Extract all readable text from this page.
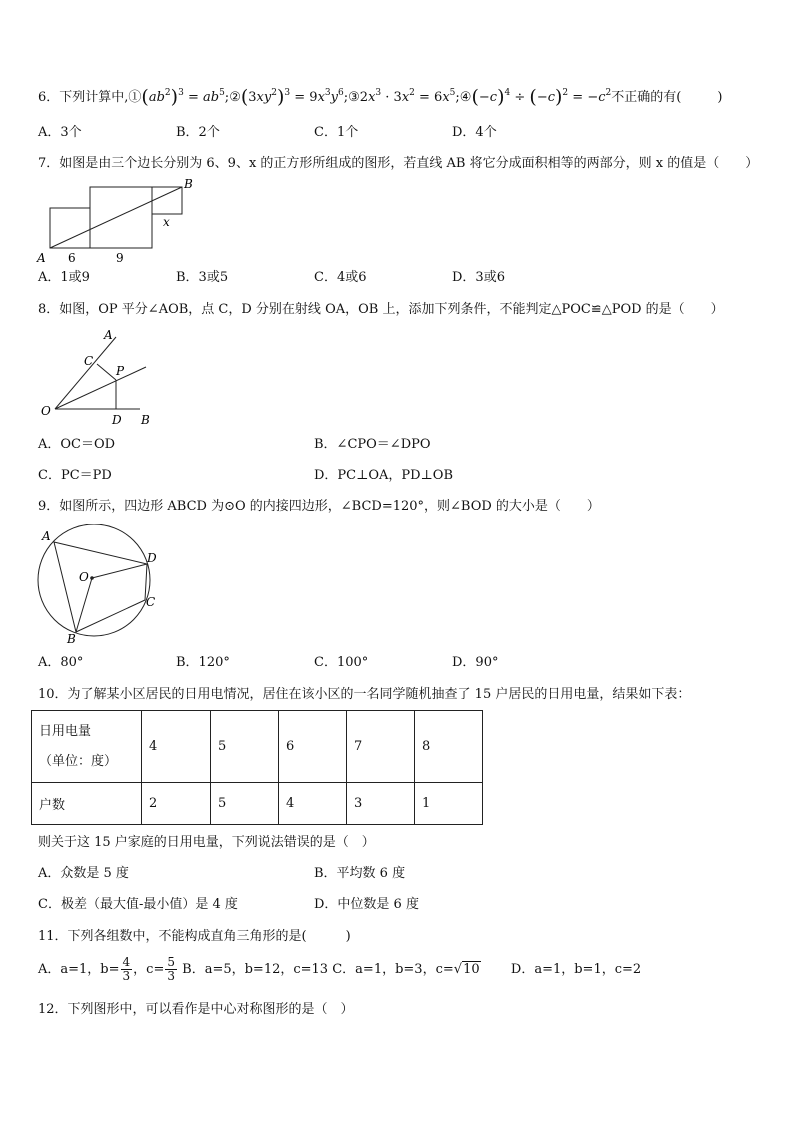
6．下列计算中$,①(ab^2)^3$ = $ab^5;②(3xy^2)^3$ = $9x^3y^6;③2x^3 \cdot 3x^2$ = $6x^5;④(-c)^4 \div (-c)^2 = -c^2$不正确的有(	)
A．3个	B．2个	C．1个	D．4个
7．如图是由三个边长分别为 6、9、x 的正方形所组成的图形，若直线 AB 将它分成面积相等的两部分，则 x 的值是（　　）
A
B
x
6	9
A．1或9	B．3或5	C．4或6	D．3或6
8．如图，OP 平分∠AOB，点 C，D 分别在射线 OA，OB 上，添加下列条件，不能判定△POC≌△POD 的是（　　）
A
C
P
O
D B
A．OC＝OD	B．∠CPO＝∠DPO
C．PC＝PD	D．PC⊥OA，PD⊥OB
9．如图所示，四边形 ABCD 为⊙O 的内接四边形，∠BCD=120°，则∠BOD 的大小是（　　）
A
O
D
C
B
A．80°	B．120°	C．100°	D．90°
10．为了解某小区居民的日用电情况，居住在该小区的一名同学随机抽查了 15 户居民的日用电量，结果如下表：
日用电量
（单位：度）	4	5	6	7	8
户数	2	5	4	3	1
则关于这 15 户家庭的日用电量，下列说法错误的是（　）
A．众数是 5 度	B．平均数 6 度
C．极差（最大值-最小值）是 4 度	D．中位数是 6 度
11．下列各组数中，不能构成直角三角形的是(　　　)
A．a=1，$b= \frac{4}{3}$ ，$c= \frac{5}{3}$ B．a=5，b=12，c=13 C．a=1，b=3，c=√10 D．a=1，b=1，c=2
12．下列图形中，可以看作是中心对称图形的是（　）
